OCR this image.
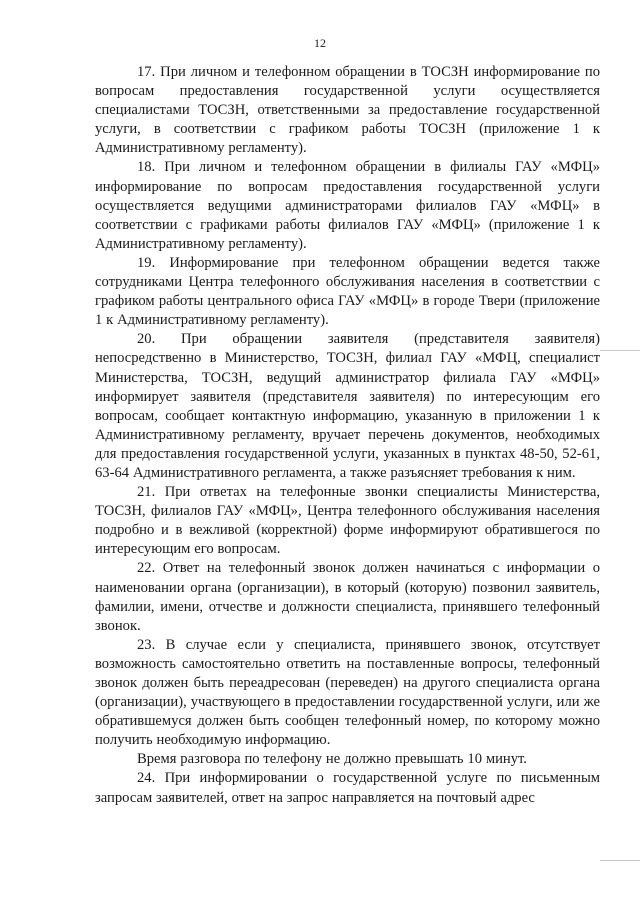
12

17. При личном и телефонном обращении в ТОСЗН информирование по вопросам предоставления государственной услуги осуществляется специалистами ТОСЗН, ответственными за предоставление государственной услуги, в соответствии с графиком работы ТОСЗН (приложение 1 к Административному регламенту).

18. При личном и телефонном обращении в филиалы ГАУ «МФЦ» информирование по вопросам предоставления государственной услуги осуществляется ведущими администраторами филиалов ГАУ «МФЦ» в соответствии с графиками работы филиалов ГАУ «МФЦ» (приложение 1 к Административному регламенту).

19. Информирование при телефонном обращении ведется также сотрудниками Центра телефонного обслуживания населения в соответствии с графиком работы центрального офиса ГАУ «МФЦ» в городе Твери (приложение 1 к Административному регламенту).

20. При обращении заявителя (представителя заявителя) непосредственно в Министерство, ТОСЗН, филиал ГАУ «МФЦ, специалист Министерства, ТОСЗН, ведущий администратор филиала ГАУ «МФЦ» информирует заявителя (представителя заявителя) по интересующим его вопросам, сообщает контактную информацию, указанную в приложении 1 к Административному регламенту, вручает перечень документов, необходимых для предоставления государственной услуги, указанных в пунктах 48-50, 52-61, 63-64 Административного регламента, а также разъясняет требования к ним.

21. При ответах на телефонные звонки специалисты Министерства, ТОСЗН, филиалов ГАУ «МФЦ», Центра телефонного обслуживания населения подробно и в вежливой (корректной) форме информируют обратившегося по интересующим его вопросам.

22. Ответ на телефонный звонок должен начинаться с информации о наименовании органа (организации), в который (которую) позвонил заявитель, фамилии, имени, отчестве и должности специалиста, принявшего телефонный звонок.

23. В случае если у специалиста, принявшего звонок, отсутствует возможность самостоятельно ответить на поставленные вопросы, телефонный звонок должен быть переадресован (переведен) на другого специалиста органа (организации), участвующего в предоставлении государственной услуги, или же обратившемуся должен быть сообщен телефонный номер, по которому можно получить необходимую информацию.

Время разговора по телефону не должно превышать 10 минут.

24. При информировании о государственной услуге по письменным запросам заявителей, ответ на запрос направляется на почтовый адрес
